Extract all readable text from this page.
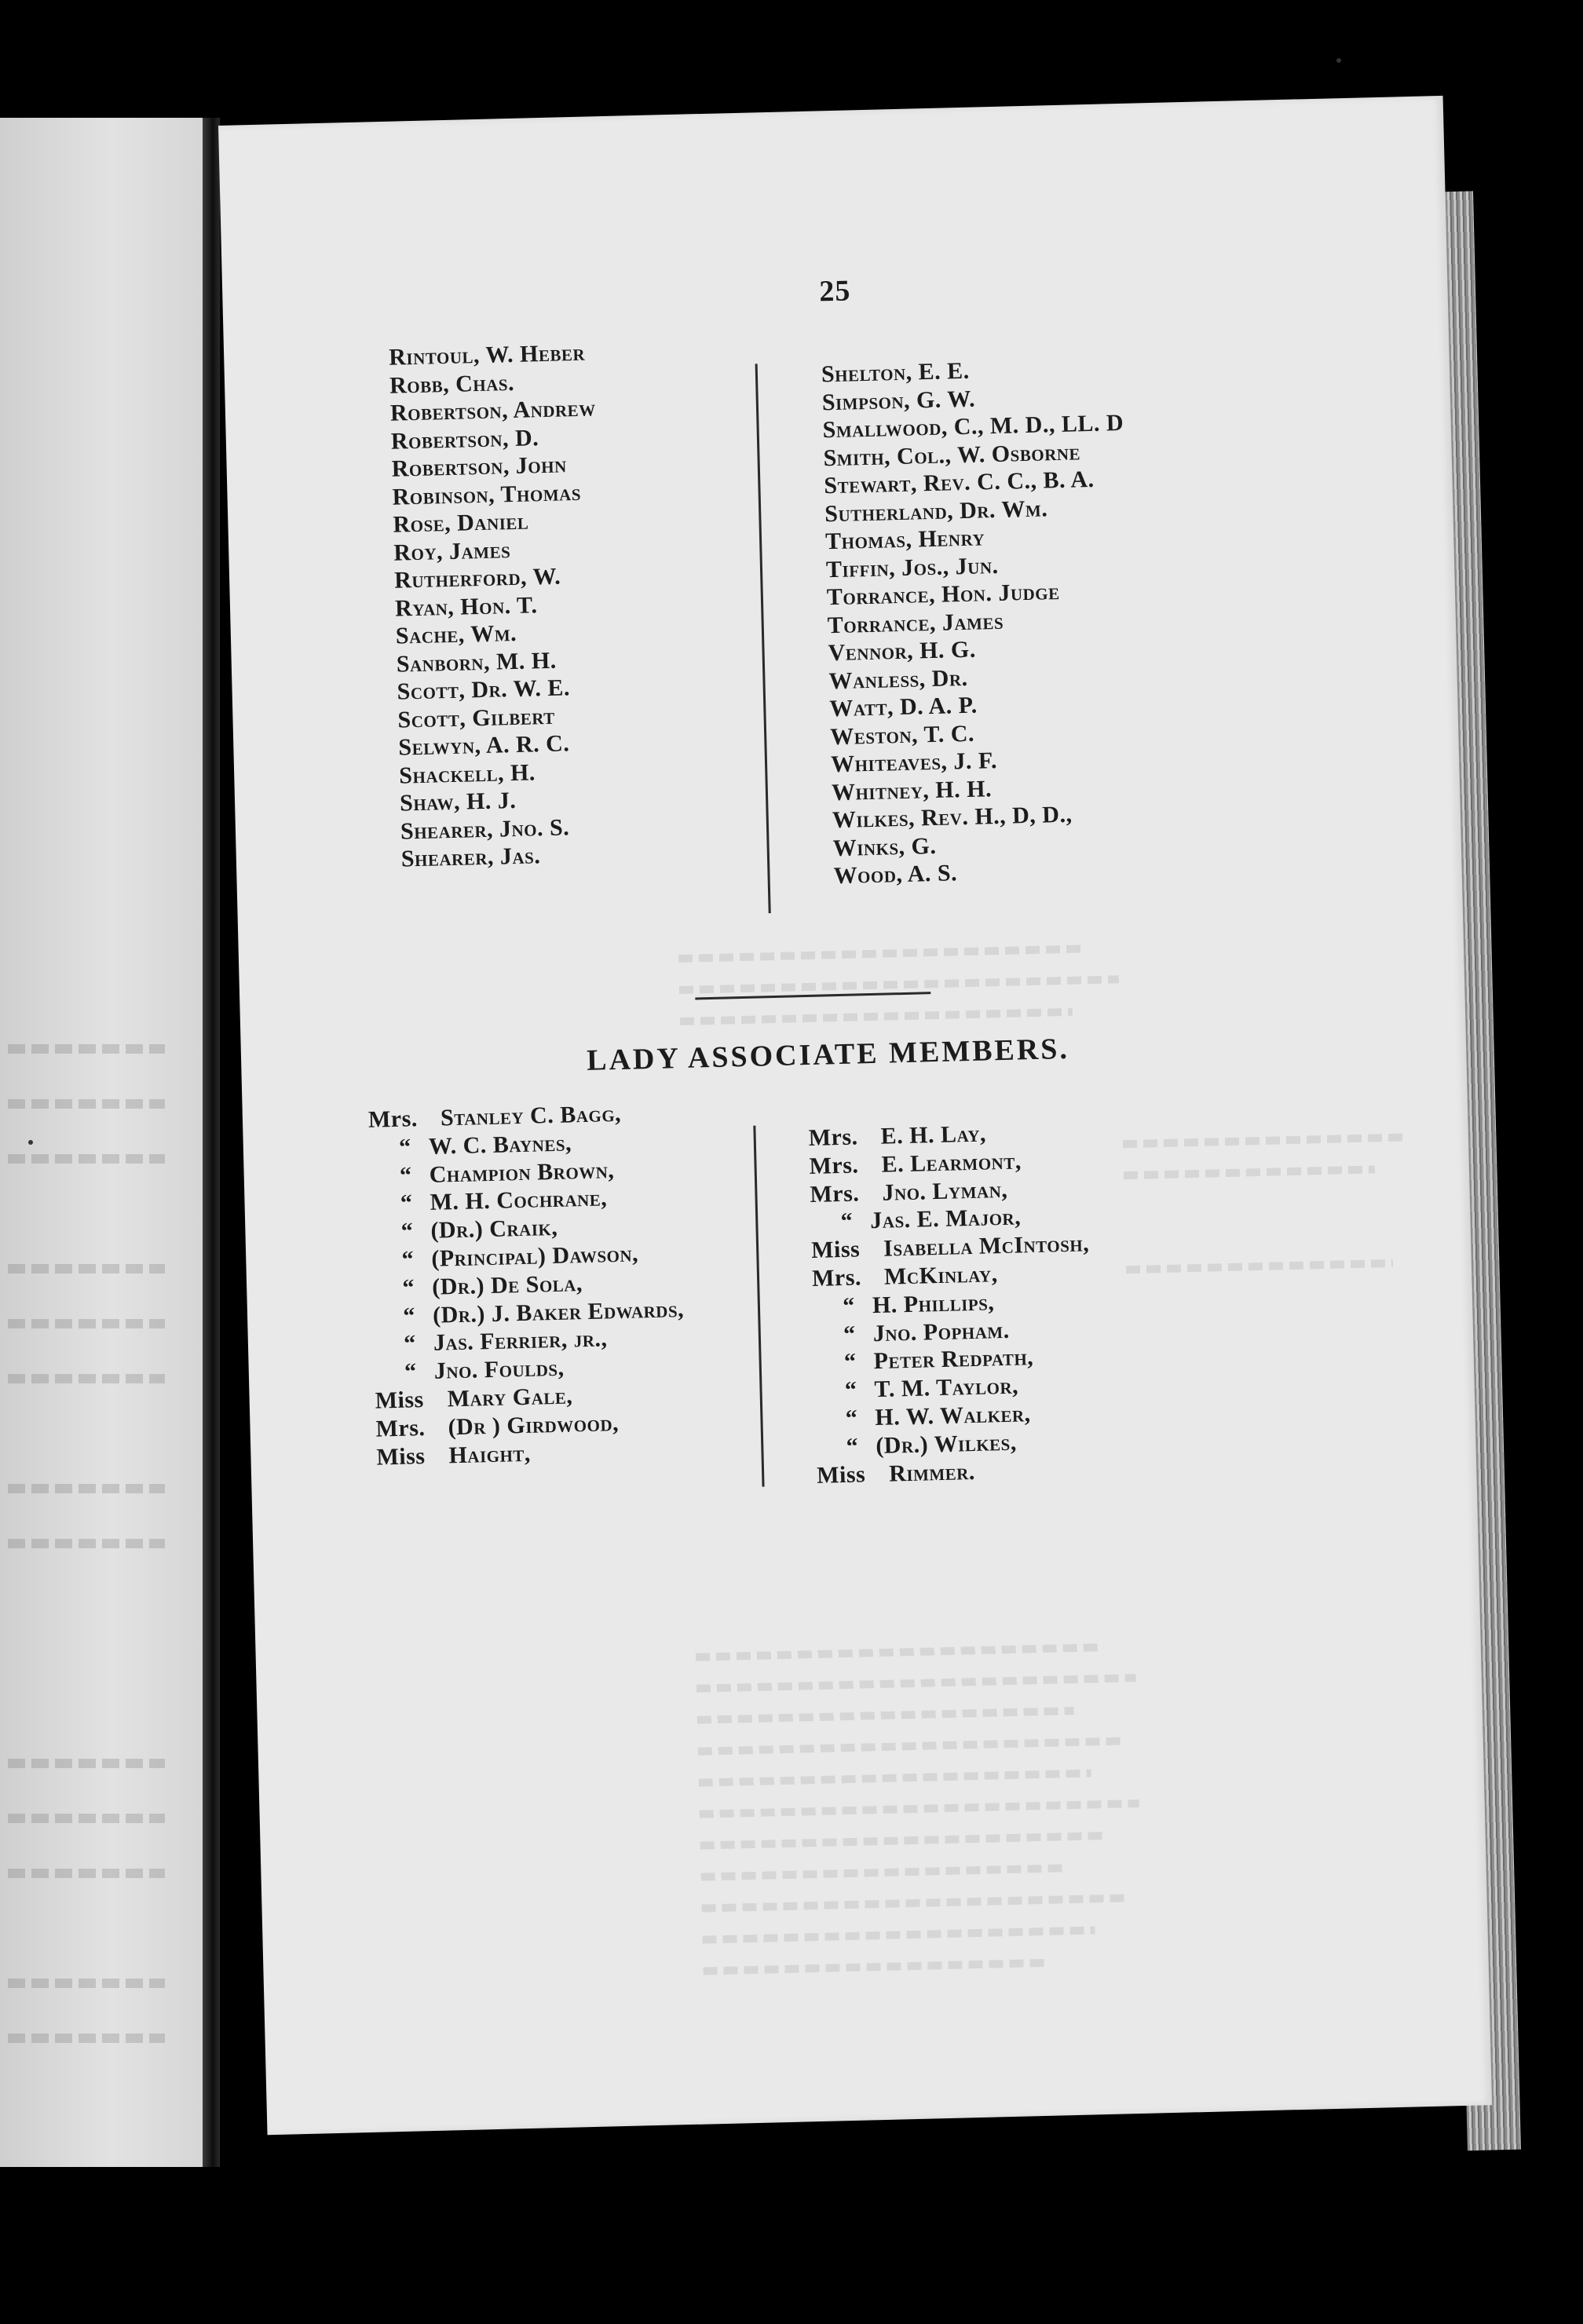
25
Rintoul, W. Heber
Robb, Chas.
Robertson, Andrew
Robertson, D.
Robertson, John
Robinson, Thomas
Rose, Daniel
Roy, James
Rutherford, W.
Ryan, Hon. T.
Sache, Wm.
Sanborn, M. H.
Scott, Dr. W. E.
Scott, Gilbert
Selwyn, A. R. C.
Shackell, H.
Shaw, H. J.
Shearer, Jno. S.
Shearer, Jas.
Shelton, E. E.
Simpson, G. W.
Smallwood, C., M. D., LL. D
Smith, Col., W. Osborne
Stewart, Rev. C. C., B. A.
Sutherland, Dr. Wm.
Thomas, Henry
Tiffin, Jos., Jun.
Torrance, Hon. Judge
Torrance, James
Vennor, H. G.
Wanless, Dr.
Watt, D. A. P.
Weston, T. C.
Whiteaves, J. F.
Whitney, H. H.
Wilkes, Rev. H., D, D.,
Winks, G.
Wood, A. S.
LADY ASSOCIATE MEMBERS.
Mrs. Stanley C. Bagg,
“ W. C. Baynes,
“ Champion Brown,
“ M. H. Cochrane,
“ (Dr.) Craik,
“ (Principal) Dawson,
“ (Dr.) De Sola,
“ (Dr.) J. Baker Edwards,
“ Jas. Ferrier, jr.,
“ Jno. Foulds,
Miss Mary Gale,
Mrs. (Dr ) Girdwood,
Miss Haight,
Mrs. E. H. Lay,
Mrs. E. Learmont,
Mrs. Jno. Lyman,
“ Jas. E. Major,
Miss Isabella McIntosh,
Mrs. McKinlay,
“ H. Phillips,
“ Jno. Popham.
“ Peter Redpath,
“ T. M. Taylor,
“ H. W. Walker,
“ (Dr.) Wilkes,
Miss Rimmer.
